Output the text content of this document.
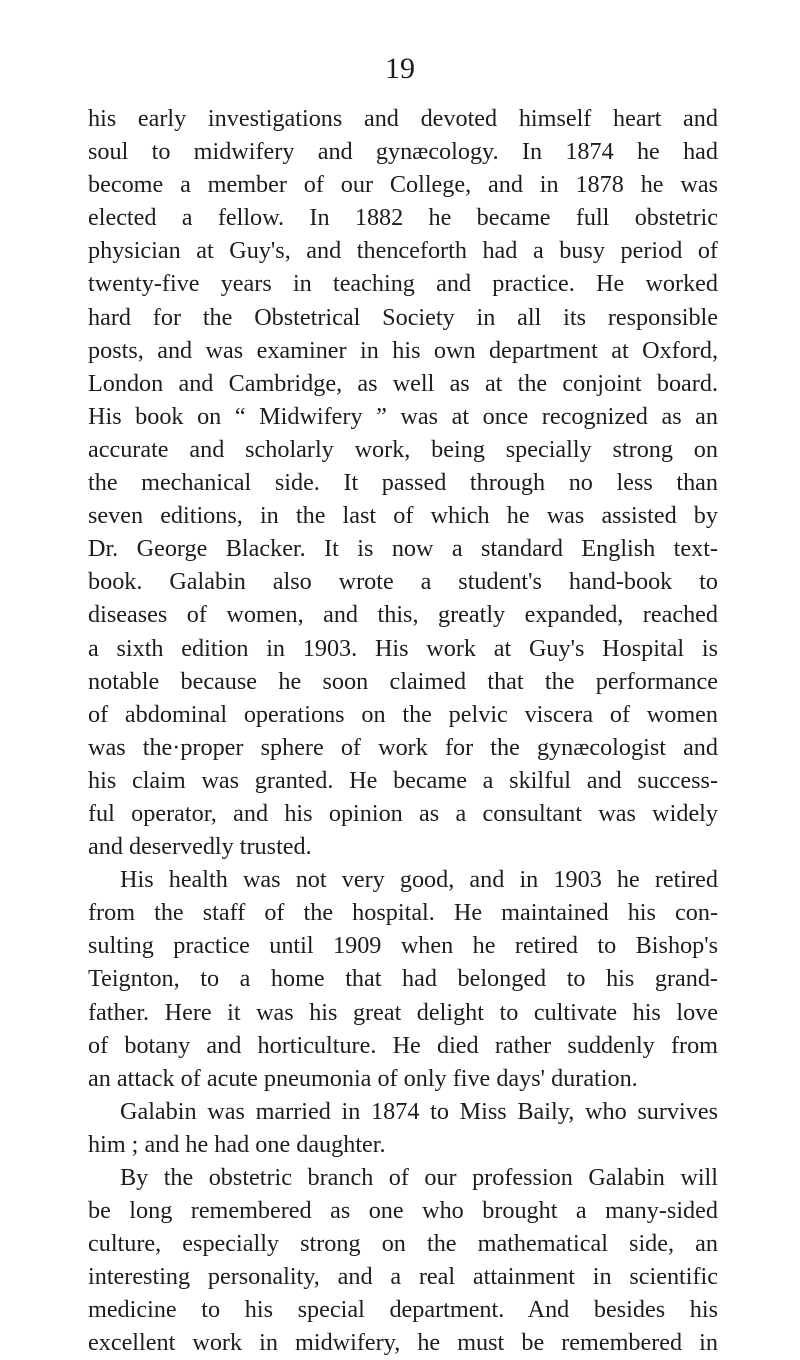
19
his early investigations and devoted himself heart and
soul to midwifery and gynæcology. In 1874 he had
become a member of our College, and in 1878 he was
elected a fellow. In 1882 he became full obstetric
physician at Guy's, and thenceforth had a busy period of
twenty-five years in teaching and practice. He worked
hard for the Obstetrical Society in all its responsible
posts, and was examiner in his own department at Oxford,
London and Cambridge, as well as at the conjoint board.
His book on “ Midwifery ” was at once recognized as an
accurate and scholarly work, being specially strong on
the mechanical side. It passed through no less than
seven editions, in the last of which he was assisted by
Dr. George Blacker. It is now a standard English text-
book. Galabin also wrote a student's hand-book to
diseases of women, and this, greatly expanded, reached
a sixth edition in 1903. His work at Guy's Hospital is
notable because he soon claimed that the performance
of abdominal operations on the pelvic viscera of women
was the·proper sphere of work for the gynæcologist and
his claim was granted. He became a skilful and success-
ful operator, and his opinion as a consultant was widely
and deservedly trusted.
His health was not very good, and in 1903 he retired
from the staff of the hospital. He maintained his con-
sulting practice until 1909 when he retired to Bishop's
Teignton, to a home that had belonged to his grand-
father. Here it was his great delight to cultivate his love
of botany and horticulture. He died rather suddenly from
an attack of acute pneumonia of only five days' duration.
Galabin was married in 1874 to Miss Baily, who survives
him ; and he had one daughter.
By the obstetric branch of our profession Galabin will
be long remembered as one who brought a many-sided
culture, especially strong on the mathematical side, an
interesting personality, and a real attainment in scientific
medicine to his special department. And besides his
excellent work in midwifery, he must be remembered in
